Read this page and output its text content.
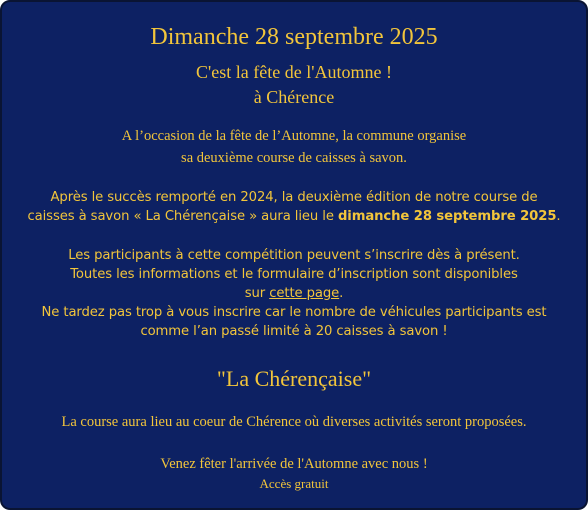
Dimanche 28 septembre 2025
C'est la fête de l'Automne !
à Chérence
A l’occasion de la fête de l’Automne, la commune organise
sa deuxième course de caisses à savon.
Après le succès remporté en 2024, la deuxième édition de notre course de
caisses à savon « La Chérençaise » aura lieu le dimanche 28 septembre 2025.
Les participants à cette compétition peuvent s’inscrire dès à présent.
Toutes les informations et le formulaire d’inscription sont disponibles
sur cette page.
Ne tardez pas trop à vous inscrire car le nombre de véhicules participants est
comme l’an passé limité à 20 caisses à savon !
"La Chérençaise"
La course aura lieu au coeur de Chérence où diverses activités seront proposées.
Venez fêter l'arrivée de l'Automne avec nous !
Accès gratuit
